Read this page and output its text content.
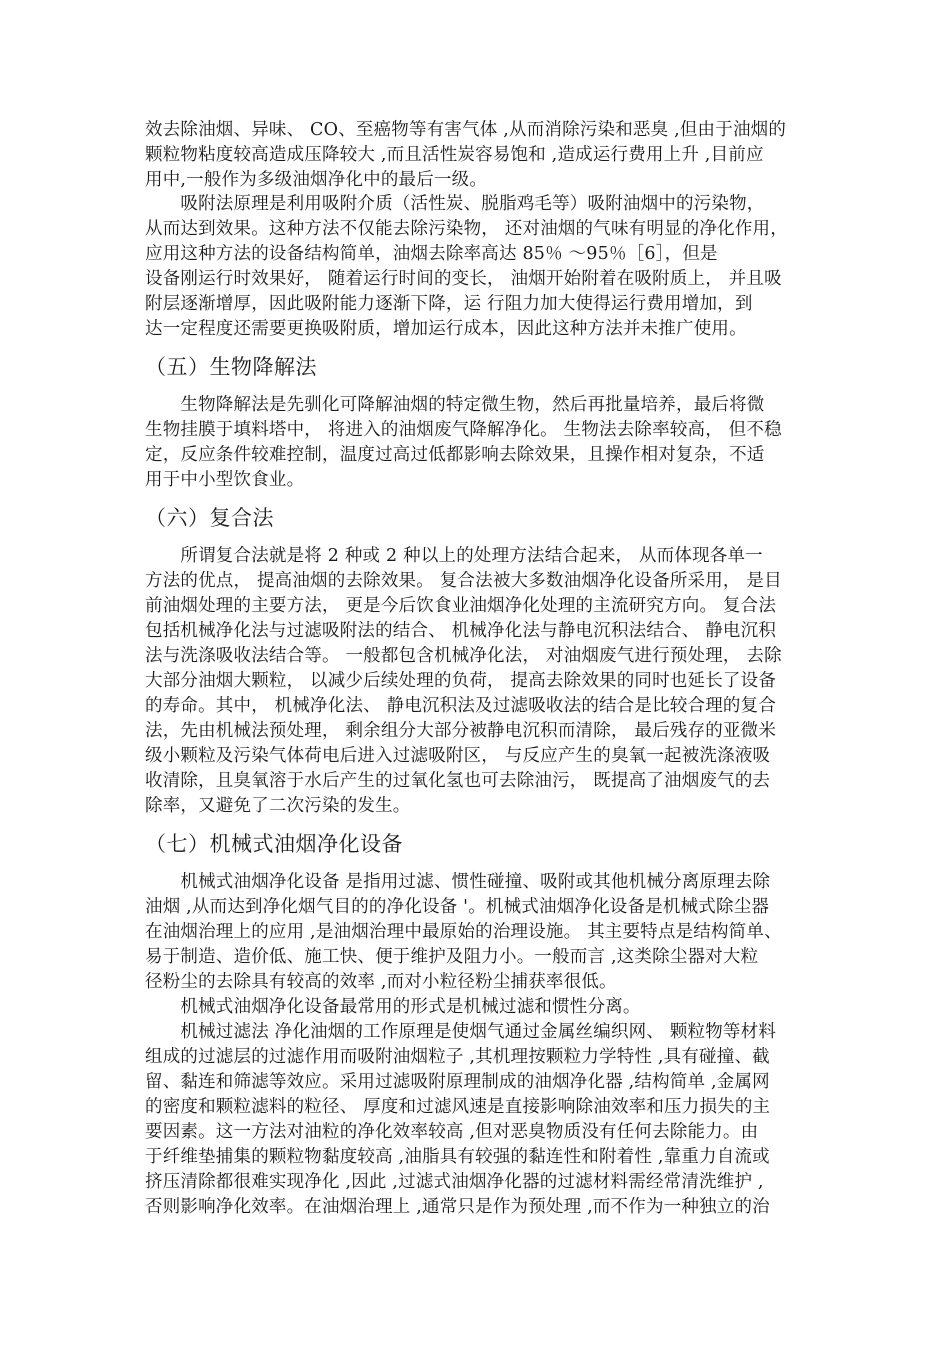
效去除油烟、异味、 CO、至癌物等有害气体 ,从而消除污染和恶臭 ,但由于油烟的
颗粒物粘度较高造成压降较大 ,而且活性炭容易饱和 ,造成运行费用上升 ,目前应
用中,一般作为多级油烟净化中的最后一级。
　　吸附法原理是利用吸附介质（活性炭、脱脂鸡毛等）吸附油烟中的污染物，
从而达到效果。这种方法不仅能去除污染物， 还对油烟的气味有明显的净化作用，
应用这种方法的设备结构简单，油烟去除率高达 85％ ～95％［6］，但是
设备刚运行时效果好， 随着运行时间的变长， 油烟开始附着在吸附质上， 并且吸
附层逐渐增厚，因此吸附能力逐渐下降，运 行阻力加大使得运行费用增加，到
达一定程度还需要更换吸附质，增加运行成本，因此这种方法并未推广使用。
（五）生物降解法
　　生物降解法是先驯化可降解油烟的特定微生物，然后再批量培养，最后将微
生物挂膜于填料塔中， 将进入的油烟废气降解净化。 生物法去除率较高， 但不稳
定，反应条件较难控制，温度过高过低都影响去除效果，且操作相对复杂，不适
用于中小型饮食业。
（六）复合法
　　所谓复合法就是将 2 种或 2 种以上的处理方法结合起来， 从而体现各单一
方法的优点， 提高油烟的去除效果。 复合法被大多数油烟净化设备所采用， 是目
前油烟处理的主要方法， 更是今后饮食业油烟净化处理的主流研究方向。 复合法
包括机械净化法与过滤吸附法的结合、 机械净化法与静电沉积法结合、 静电沉积
法与洗涤吸收法结合等。 一般都包含机械净化法， 对油烟废气进行预处理， 去除
大部分油烟大颗粒， 以减少后续处理的负荷， 提高去除效果的同时也延长了设备
的寿命。其中， 机械净化法、 静电沉积法及过滤吸收法的结合是比较合理的复合
法，先由机械法预处理， 剩余组分大部分被静电沉积而清除， 最后残存的亚微米
级小颗粒及污染气体荷电后进入过滤吸附区， 与反应产生的臭氧一起被洗涤液吸
收清除，且臭氧溶于水后产生的过氧化氢也可去除油污， 既提高了油烟废气的去
除率，又避免了二次污染的发生。
（七）机械式油烟净化设备
　　机械式油烟净化设备 是指用过滤、惯性碰撞、吸附或其他机械分离原理去除
油烟 ,从而达到净化烟气目的的净化设备 '。机械式油烟净化设备是机械式除尘器
在油烟治理上的应用 ,是油烟治理中最原始的治理设施。 其主要特点是结构简单、
易于制造、造价低、施工快、便于维护及阻力小。一般而言 ,这类除尘器对大粒
径粉尘的去除具有较高的效率 ,而对小粒径粉尘捕获率很低。
　　机械式油烟净化设备最常用的形式是机械过滤和惯性分离。
　　机械过滤法 净化油烟的工作原理是使烟气通过金属丝编织网、 颗粒物等材料
组成的过滤层的过滤作用而吸附油烟粒子 ,其机理按颗粒力学特性 ,具有碰撞、截
留、黏连和筛滤等效应。采用过滤吸附原理制成的油烟净化器 ,结构简单 ,金属网
的密度和颗粒滤料的粒径、 厚度和过滤风速是直接影响除油效率和压力损失的主
要因素。这一方法对油粒的净化效率较高 ,但对恶臭物质没有任何去除能力。由
于纤维垫捕集的颗粒物黏度较高 ,油脂具有较强的黏连性和附着性 ,靠重力自流或
挤压清除都很难实现净化 ,因此 ,过滤式油烟净化器的过滤材料需经常清洗维护 ,
否则影响净化效率。在油烟治理上 ,通常只是作为预处理 ,而不作为一种独立的治
